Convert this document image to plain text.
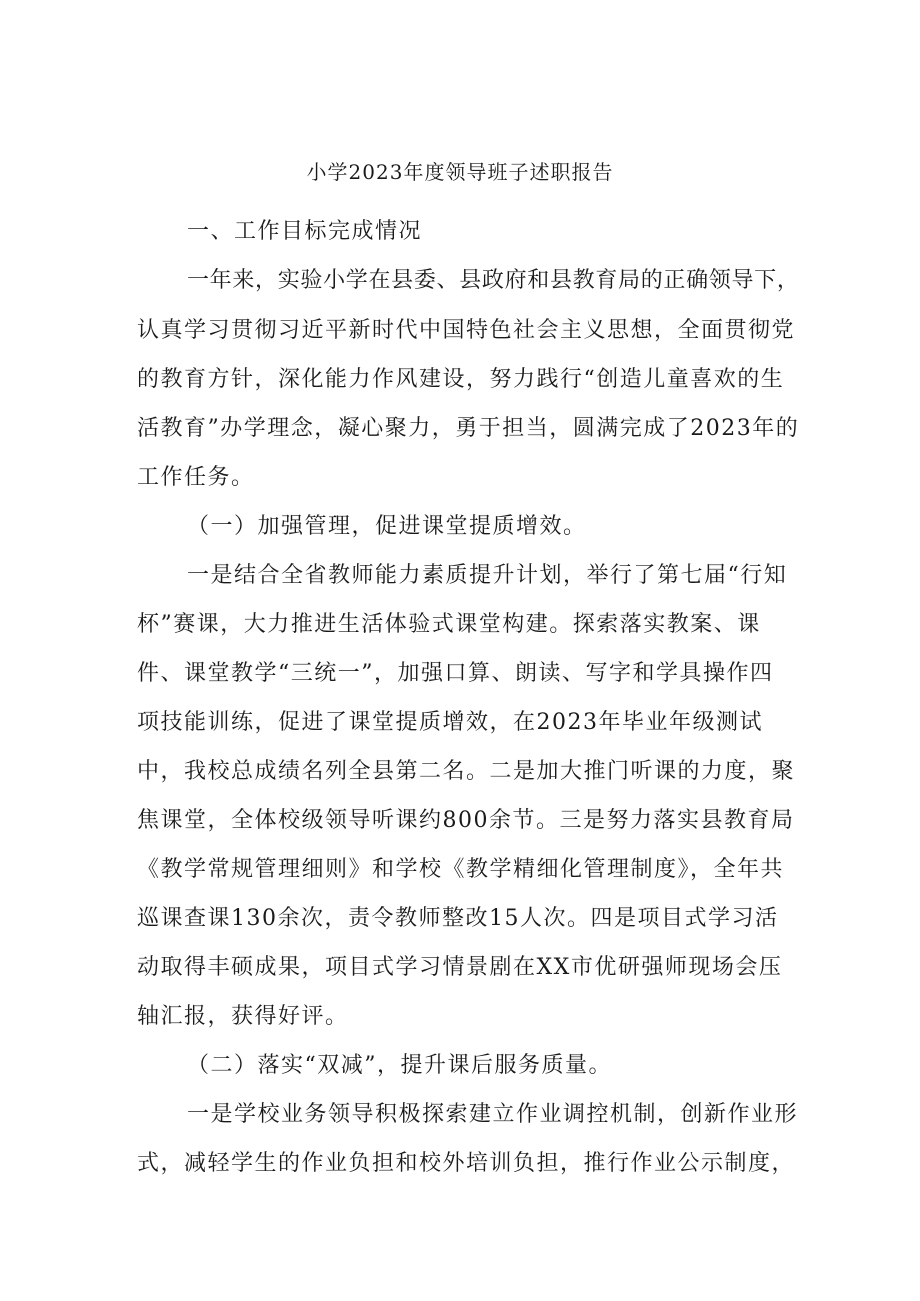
小学2023年度领导班子述职报告
一、工作目标完成情况
一年来，实验小学在县委、县政府和县教育局的正确领导下，
认真学习贯彻习近平新时代中国特色社会主义思想，全面贯彻党
的教育方针，深化能力作风建设，努力践行“创造儿童喜欢的生
活教育”办学理念，凝心聚力，勇于担当，圆满完成了2023年的
工作任务。
（一）加强管理，促进课堂提质增效。
一是结合全省教师能力素质提升计划，举行了第七届“行知
杯”赛课，大力推进生活体验式课堂构建。探索落实教案、课
件、课堂教学“三统一”，加强口算、朗读、写字和学具操作四
项技能训练，促进了课堂提质增效，在2023年毕业年级测试
中，我校总成绩名列全县第二名。二是加大推门听课的力度，聚
焦课堂，全体校级领导听课约800余节。三是努力落实县教育局
《教学常规管理细则》和学校《教学精细化管理制度》，全年共
巡课查课130余次，责令教师整改15人次。四是项目式学习活
动取得丰硕成果，项目式学习情景剧在XX市优研强师现场会压
轴汇报，获得好评。
（二）落实“双减”，提升课后服务质量。
一是学校业务领导积极探索建立作业调控机制，创新作业形
式，减轻学生的作业负担和校外培训负担，推行作业公示制度，
